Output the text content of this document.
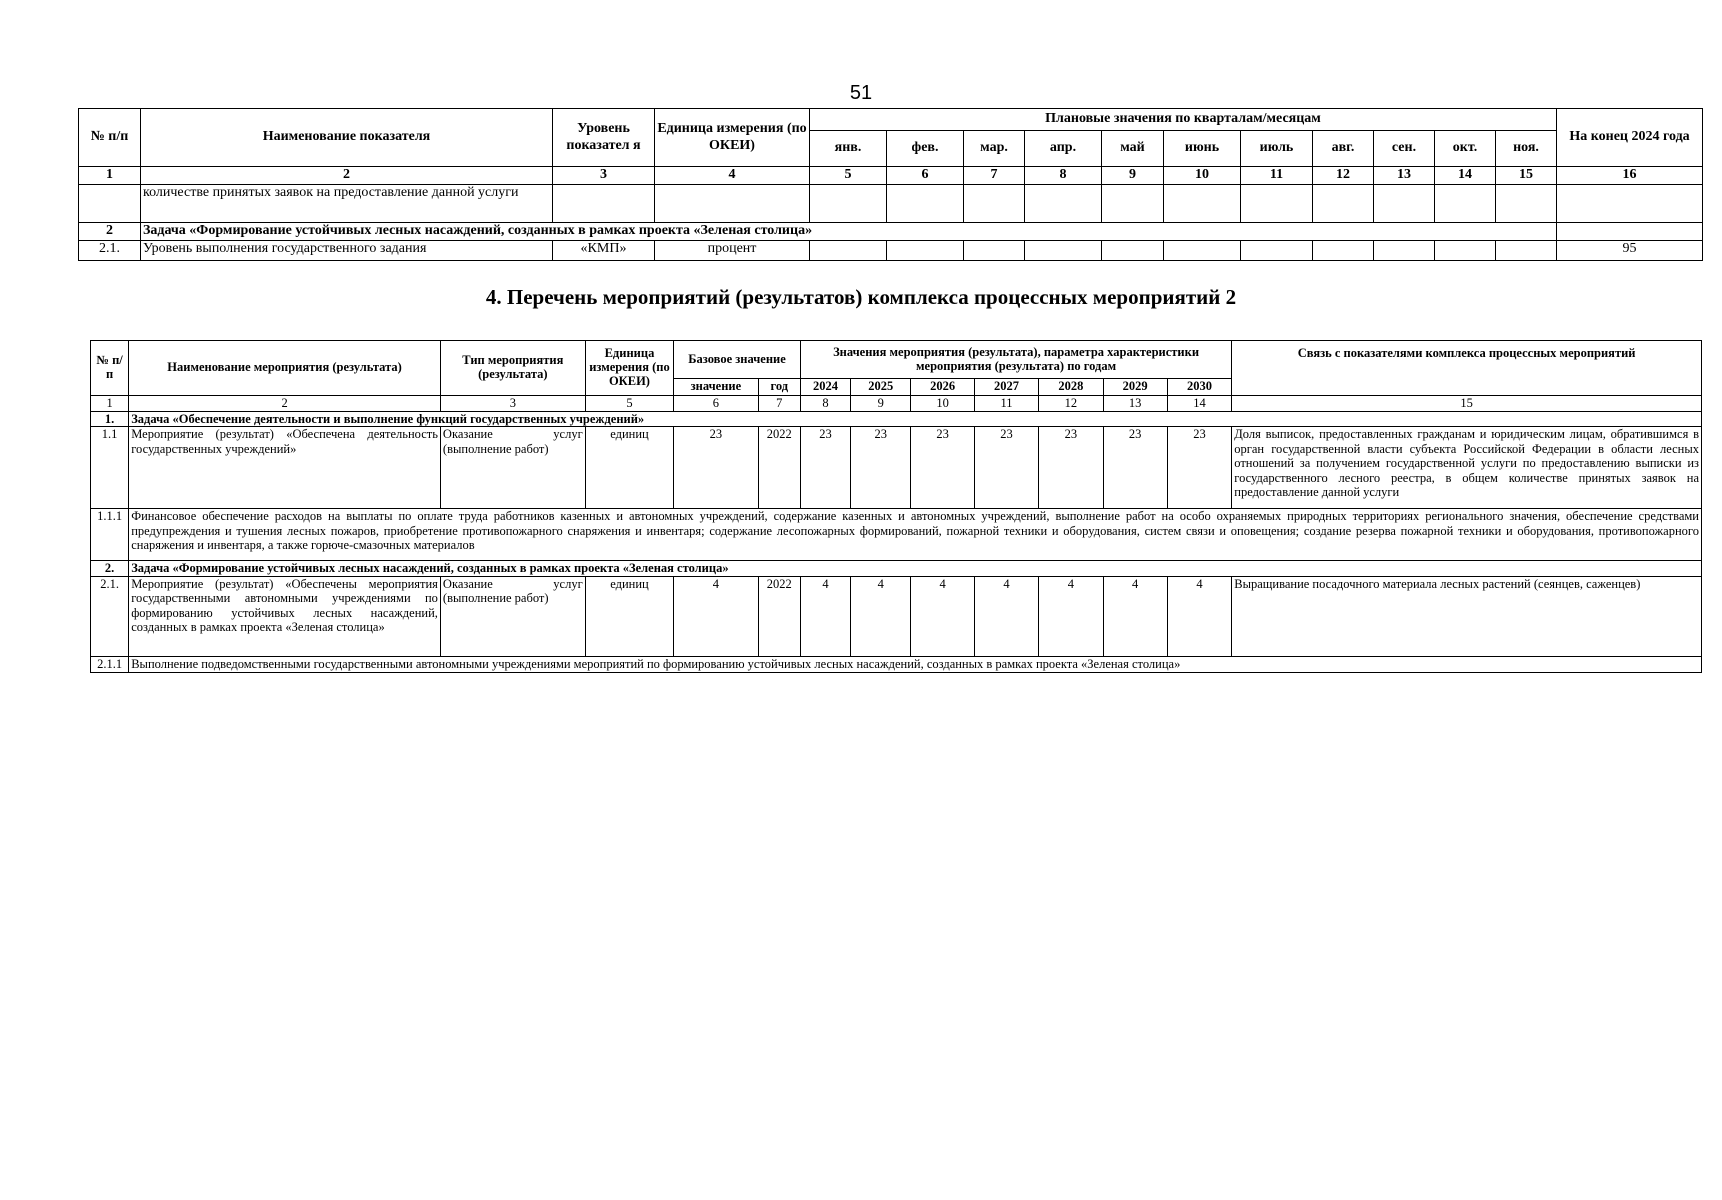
51
№ п/п	Наименование показателя	Уровень показател я	Единица измерения (по ОКЕИ)	Плановые значения по кварталам/месяцам											На конец 2024 года
				янв.	фев.	мар.	апр.	май	июнь	июль	авг.	сен.	окт.	ноя.	
1	2	3	4	5	6	7	8	9	10	11	12	13	14	15	16
	количестве принятых заявок на предоставление данной услуги														
2	Задача «Формирование устойчивых лесных насаждений, созданных в рамках проекта «Зеленая столица»														
2.1.	Уровень выполнения государственного задания	«КМП»	процент												95
4. Перечень мероприятий (результатов) комплекса процессных мероприятий 2
№ п/п	Наименование мероприятия (результата)	Тип мероприятия (результата)	Единица измерения (по ОКЕИ)	Базовое значение		Значения мероприятия (результата), параметра характеристики мероприятия (результата) по годам							Связь с показателями комплекса процессных мероприятий
				значение	год	2024	2025	2026	2027	2028	2029	2030	
1	2	3	5	6	7	8	9	10	11	12	13	14	15
1.	Задача «Обеспечение деятельности и выполнение функций государственных учреждений»												
1.1	Мероприятие (результат) «Обеспечена деятельность государственных учреждений»	Оказание услуг (выполнение работ)	единиц	23	2022	23	23	23	23	23	23	23	Доля выписок, предоставленных гражданам и юридическим лицам, обратившимся в орган государственной власти субъекта Российской Федерации в области лесных отношений за получением государственной услуги по предоставлению выписки из государственного лесного реестра, в общем количестве принятых заявок на предоставление данной услуги
1.1.1	Финансовое обеспечение расходов на выплаты по оплате труда работников казенных и автономных учреждений, содержание казенных и автономных учреждений, выполнение работ на особо охраняемых природных территориях регионального значения, обеспечение средствами предупреждения и тушения лесных пожаров, приобретение противопожарного снаряжения и инвентаря; содержание лесопожарных формирований, пожарной техники и оборудования, систем связи и оповещения; создание резерва пожарной техники и оборудования, противопожарного снаряжения и инвентаря, а также горюче-смазочных материалов												
2.	Задача «Формирование устойчивых лесных насаждений, созданных в рамках проекта «Зеленая столица»												
2.1.	Мероприятие (результат) «Обеспечены мероприятия государственными автономными учреждениями по формированию устойчивых лесных насаждений, созданных в рамках проекта «Зеленая столица»	Оказание услуг (выполнение работ)	единиц	4	2022	4	4	4	4	4	4	4	Выращивание посадочного материала лесных растений (сеянцев, саженцев)
2.1.1	Выполнение подведомственными государственными автономными учреждениями мероприятий по формированию устойчивых лесных насаждений, созданных в рамках проекта «Зеленая столица»												
